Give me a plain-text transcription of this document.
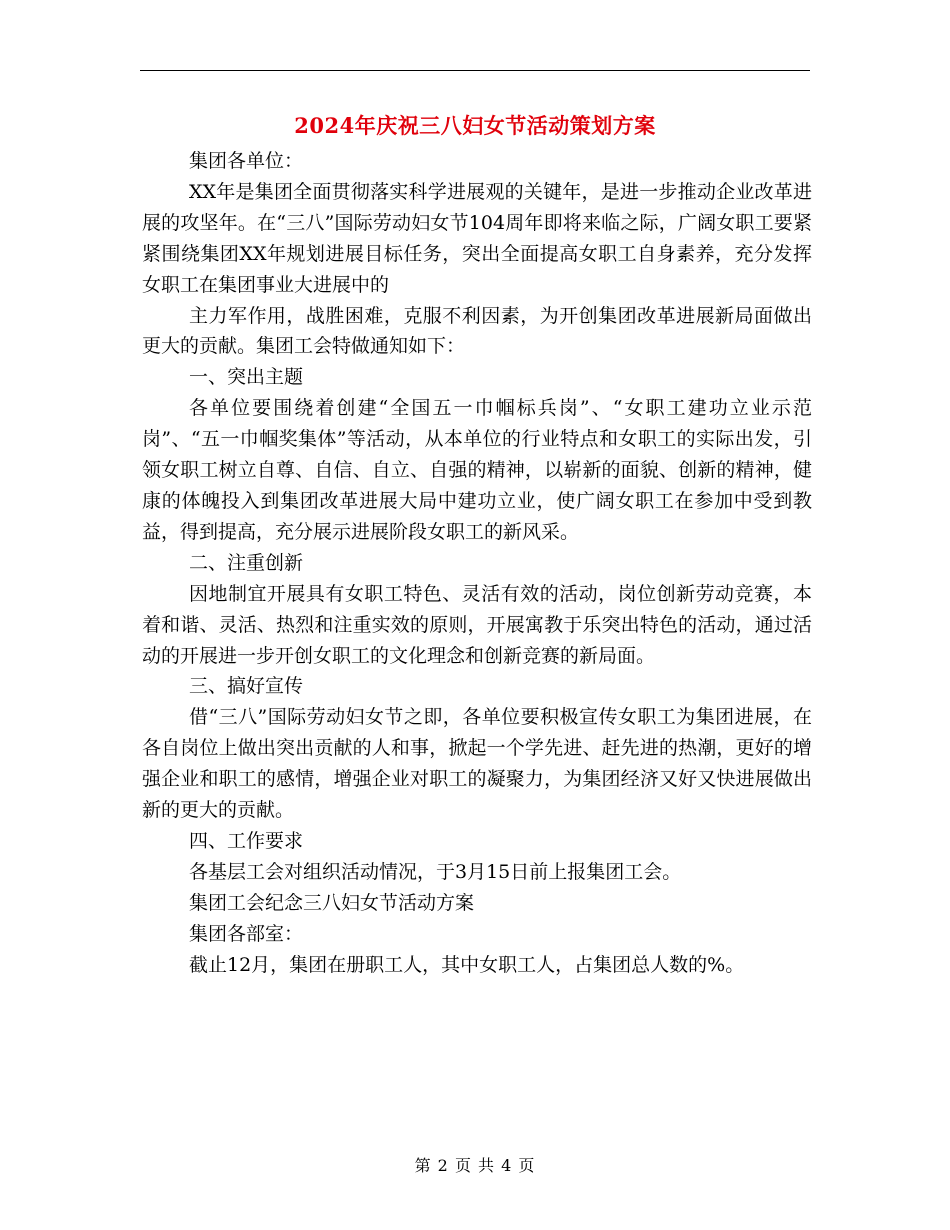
2024年庆祝三八妇女节活动策划方案

集团各单位：

XX年是集团全面贯彻落实科学进展观的关键年，是进一步推动企业改革进展的攻坚年。在“三八”国际劳动妇女节104周年即将来临之际，广阔女职工要紧紧围绕集团XX年规划进展目标任务，突出全面提高女职工自身素养，充分发挥女职工在集团事业大进展中的

主力军作用，战胜困难，克服不利因素，为开创集团改革进展新局面做出更大的贡献。集团工会特做通知如下：

一、突出主题

各单位要围绕着创建“全国五一巾帼标兵岗”、“女职工建功立业示范岗”、“五一巾帼奖集体”等活动，从本单位的行业特点和女职工的实际出发，引领女职工树立自尊、自信、自立、自强的精神，以崭新的面貌、创新的精神，健康的体魄投入到集团改革进展大局中建功立业，使广阔女职工在参加中受到教益，得到提高，充分展示进展阶段女职工的新风采。

二、注重创新

因地制宜开展具有女职工特色、灵活有效的活动，岗位创新劳动竞赛，本着和谐、灵活、热烈和注重实效的原则，开展寓教于乐突出特色的活动，通过活动的开展进一步开创女职工的文化理念和创新竞赛的新局面。

三、搞好宣传

借“三八”国际劳动妇女节之即，各单位要积极宣传女职工为集团进展，在各自岗位上做出突出贡献的人和事，掀起一个学先进、赶先进的热潮，更好的增强企业和职工的感情，增强企业对职工的凝聚力，为集团经济又好又快进展做出新的更大的贡献。

四、工作要求

各基层工会对组织活动情况，于3月15日前上报集团工会。

集团工会纪念三八妇女节活动方案

集团各部室：

截止12月，集团在册职工人，其中女职工人，占集团总人数的%。

第 2 页 共 4 页
